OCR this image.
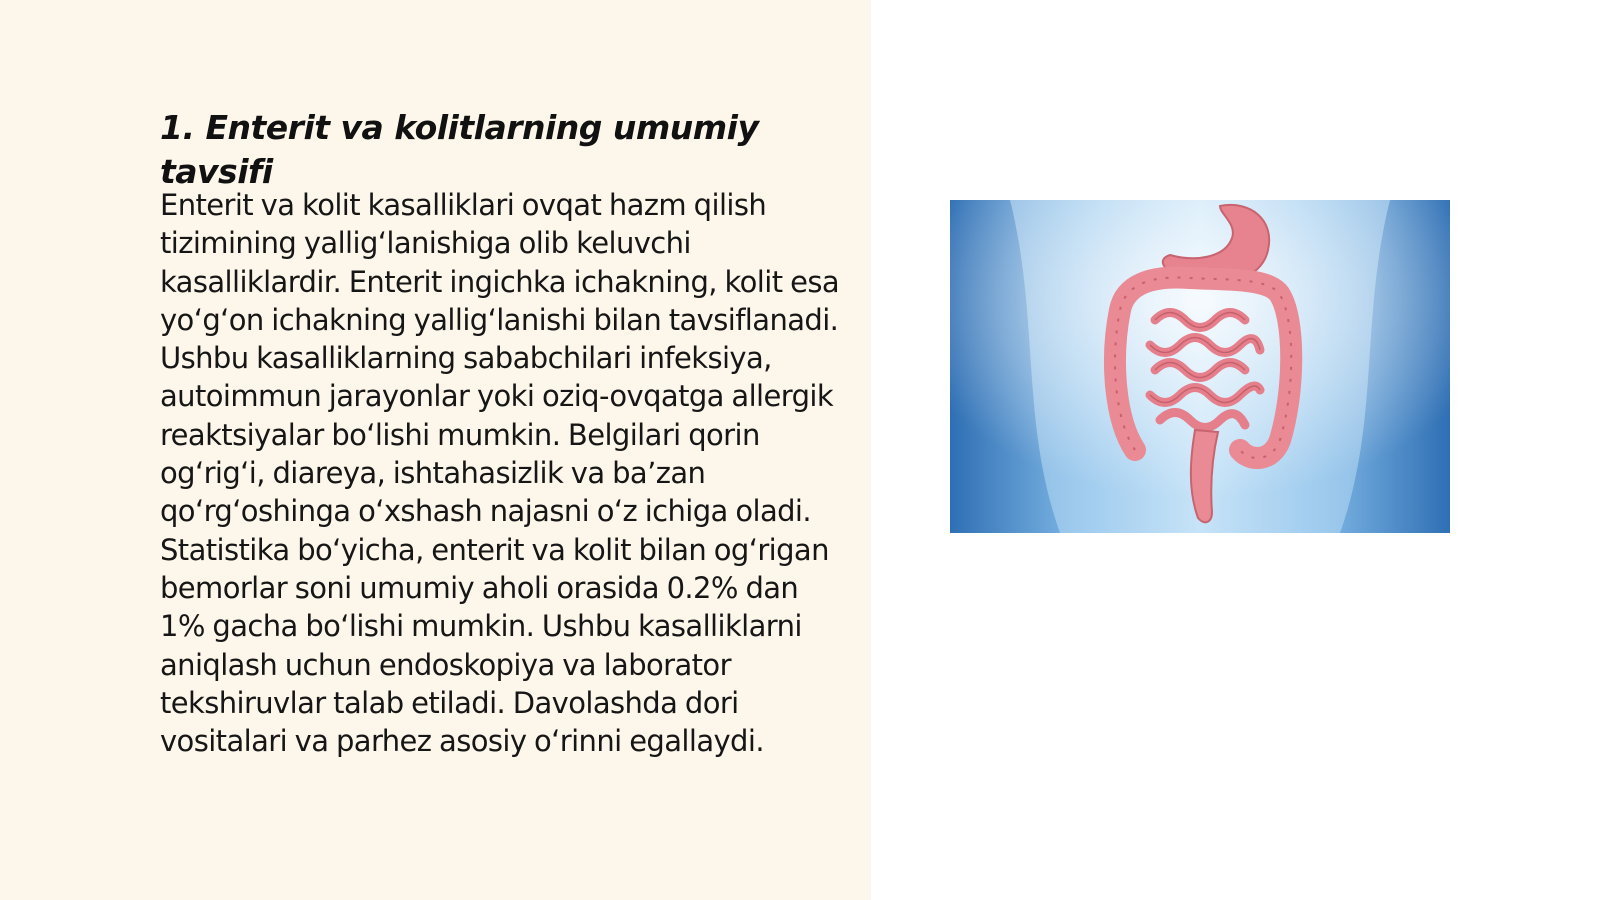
1. Enterit va kolitlarning umumiy tavsifi

Enterit va kolit kasalliklari ovqat hazm qilish tizimining yallig‘lanishiga olib keluvchi kasalliklardir. Enterit ingichka ichakning, kolit esa yo‘g‘on ichakning yallig‘lanishi bilan tavsiflanadi. Ushbu kasalliklarning sababchilari infeksiya, autoimmun jarayonlar yoki oziq-ovqatga allergik reaktsiyalar bo‘lishi mumkin. Belgilari qorin og‘rig‘i, diareya, ishtahasizlik va ba’zan qo‘rg‘oshinga o‘xshash najasni o‘z ichiga oladi. Statistika bo‘yicha, enterit va kolit bilan og‘rigan bemorlar soni umumiy aholi orasida 0.2% dan 1% gacha bo‘lishi mumkin. Ushbu kasalliklarni aniqlash uchun endoskopiya va laborator tekshiruvlar talab etiladi. Davolashda dori vositalari va parhez asosiy o‘rinni egallaydi.
